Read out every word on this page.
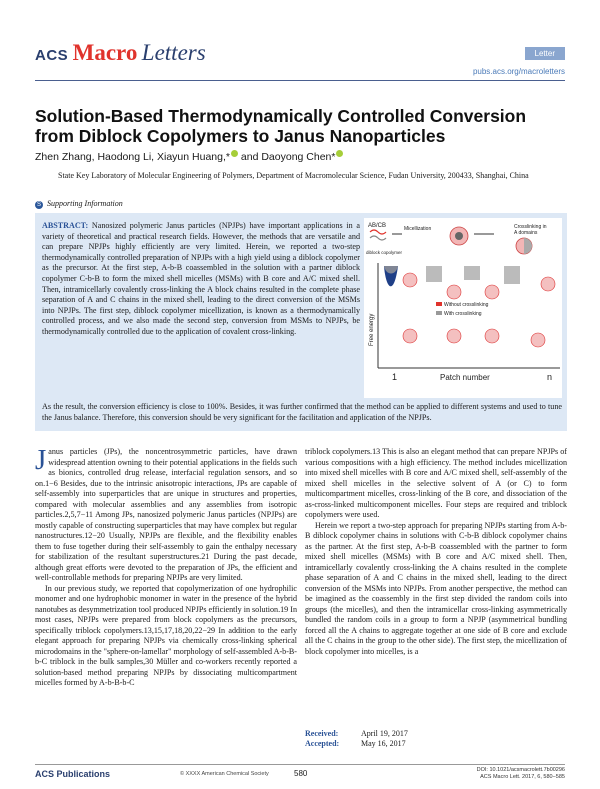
ACS Macro Letters	Letter
pubs.acs.org/macroletters
Solution-Based Thermodynamically Controlled Conversion from Diblock Copolymers to Janus Nanoparticles
Zhen Zhang, Haodong Li, Xiayun Huang,* and Daoyong Chen*
State Key Laboratory of Molecular Engineering of Polymers, Department of Macromolecular Science, Fudan University, 200433, Shanghai, China
S Supporting Information
ABSTRACT: Nanosized polymeric Janus particles (NPJPs) have important applications in a variety of theoretical and practical research fields. However, the methods that are versatile and can prepare NPJPs highly efficiently are very limited. Herein, we reported a two-step thermodynamically controlled preparation of NPJPs with a high yield using a diblock copolymer as the precursor. At the first step, A-b-B coassembled in the solution with a partner diblock copolymer C-b-B to form the mixed shell micelles (MSMs) with B core and A/C mixed shell. Then, intramicellarly covalently cross-linking the A block chains resulted in the complete phase separation of A and C chains in the mixed shell, leading to the direct conversion of the MSMs into NPJPs. The first step, diblock copolymer micellization, is known as a thermodynamically controlled process, and we also made the second step, conversion from MSMs to NPJPs, be thermodynamically controlled due to the application of covalent cross-linking.
As the result, the conversion efficiency is close to 100%. Besides, it was further confirmed that the method can be applied to different systems and used to tune the Janus balance. Therefore, this conversion should be very significant for the facilitation and application of the NPJPs.
AB/CB	Micellization	Crosslinking in
A domains
diblock copolymer
Free energy
Without crosslinking
With crosslinking
1	Patch number	n

Janus particles (JPs), the noncentrosymmetric particles, have drawn widespread attention owning to their potential applications in the fields such as bionics, controlled drug release, interfacial regulation sensors, and so on.1−6 Besides, due to the intrinsic anisotropic interactions, JPs are capable of self-assembly into superparticles that are unique in structures and properties, compared with molecular assemblies and any assemblies from isotropic particles.2,5,7−11 Among JPs, nanosized polymeric Janus particles (NPJPs) are mostly capable of constructing superparticles that may have complex but regular nanostructures.12−20 Usually, NPJPs are flexible, and the flexibility enables them to fuse together during their self-assembly to gain the enthalpy necessary for stabilization of the resultant superstructures.21 During the past decade, although great efforts were devoted to the preparation of JPs, the efficient and well-controllable methods for preparing NPJPs are very limited.

In our previous study, we reported that copolymerization of one hydrophilic monomer and one hydrophobic monomer in water in the presence of the hybrid nanotubes as desymmetrization tool produced NPJPs efficiently in solution.19 In most cases, NPJPs were prepared from block copolymers as the precursors, specifically triblock copolymers.13,15,17,18,20,22−29 In addition to the early elegant approach for preparing NPJPs via chemically cross-linking spherical microdomains in the "sphere-on-lamellar" morphology of self-assembled A-b-B-b-C triblock in the bulk samples,30 Müller and co-workers recently reported a solution-based method preparing NPJPs by dissociating multicompartment micelles formed by A-b-B-b-C

triblock copolymers.13 This is also an elegant method that can prepare NPJPs of various compositions with a high efficiency. The method includes micellization into mixed shell micelles with B core and A/C mixed shell, self-assembly of the mixed shell micelles in the selective solvent of A (or C) to form multicompartment micelles, cross-linking of the B core, and dissociation of the as-cross-linked multicomponent micelles. Four steps are required and triblock copolymers were used.

Herein we report a two-step approach for preparing NPJPs starting from A-b-B diblock copolymer chains in solutions with C-b-B diblock copolymer chains as the partner. At the first step, A-b-B coassembled with the partner to form mixed shell micelles (MSMs) with B core and A/C mixed shell. Then, intramicellarly covalently cross-linking the A chains resulted in the complete phase separation of A and C chains in the mixed shell, leading to the direct conversion of the MSMs into NPJPs. From another perspective, the method can be imagined as the coassembly in the first step divided the random coils into groups (the micelles), and then the intramicellar cross-linking asymmetrically bundled the random coils in a group to form a NPJP (asymmetrical bundling forced all the A chains to aggregate together at one side of B core and exclude all the C chains in the group to the other side). The first step, the micellization of block copolymer into micelles, is a

Received:	April 19, 2017
Accepted:	May 16, 2017
ACS Publications	© XXXX American Chemical Society	580	DOI: 10.1021/acsmacrolett.7b00296
ACS Macro Lett. 2017, 6, 580−585
